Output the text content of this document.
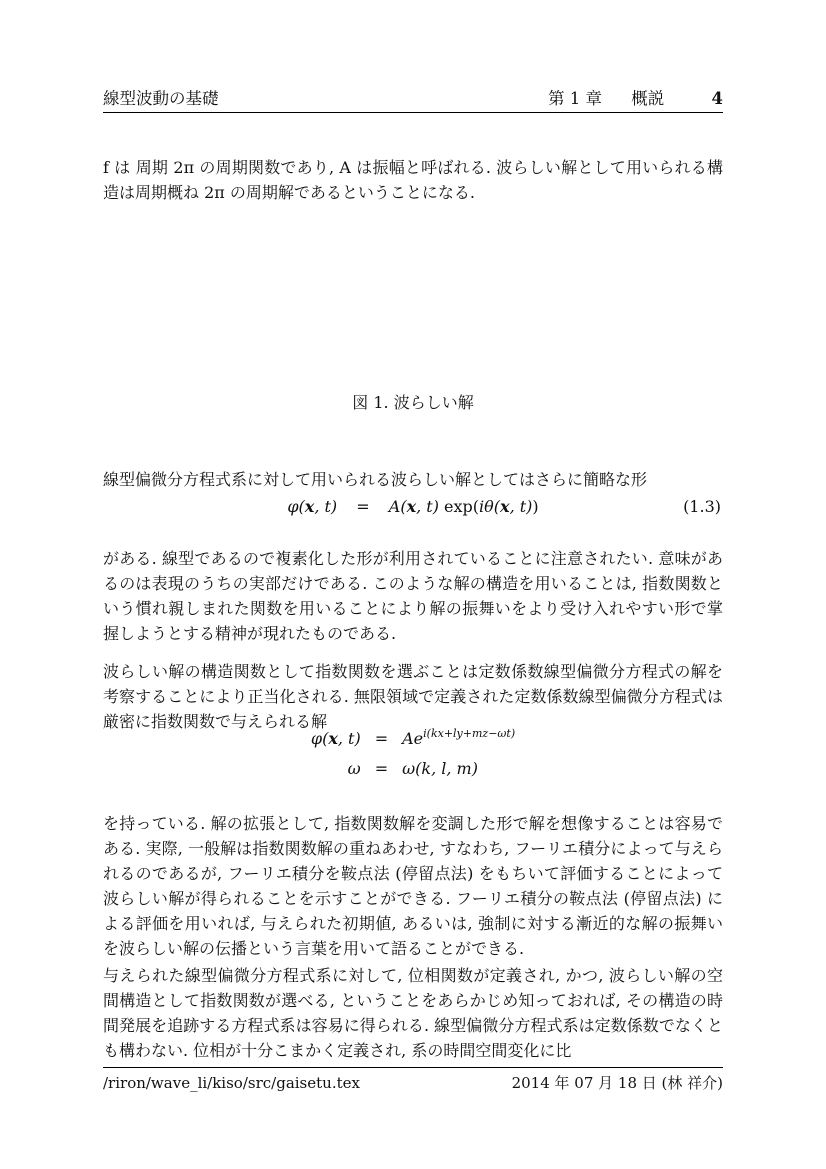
線型波動の基礎	第 1 章 概説	4

f は 周期 2π の周期関数であり, A は振幅と呼ばれる. 波らしい解として用いられる構造は周期概ね 2π の周期解であるということになる.

図 1. 波らしい解

線型偏微分方程式系に対して用いられる波らしい解としてはさらに簡略な形

φ(x, t) = A(x, t) exp(iθ(x, t))	(1.3)

がある. 線型であるので複素化した形が利用されていることに注意されたい. 意味があるのは表現のうちの実部だけである. このような解の構造を用いることは, 指数関数という慣れ親しまれた関数を用いることにより解の振舞いをより受け入れやすい形で掌握しようとする精神が現れたものである.

波らしい解の構造関数として指数関数を選ぶことは定数係数線型偏微分方程式の解を考察することにより正当化される. 無限領域で定義された定数係数線型偏微分方程式は厳密に指数関数で与えられる解

φ(x, $t) = Ae^{i(kx+ly+mz-\omega t)}$
ω = ω(k, l, m)

を持っている. 解の拡張として, 指数関数解を変調した形で解を想像することは容易である. 実際, 一般解は指数関数解の重ねあわせ, すなわち, フーリエ積分によって与えられるのであるが, フーリエ積分を鞍点法 (停留点法) をもちいて評価することによって波らしい解が得られることを示すことができる. フーリエ積分の鞍点法 (停留点法) による評価を用いれば, 与えられた初期値, あるいは, 強制に対する漸近的な解の振舞いを波らしい解の伝播という言葉を用いて語ることができる.

与えられた線型偏微分方程式系に対して, 位相関数が定義され, かつ, 波らしい解の空間構造として指数関数が選べる, ということをあらかじめ知っておれば, その構造の時間発展を追跡する方程式系は容易に得られる. 線型偏微分方程式系は定数係数でなくとも構わない. 位相が十分こまかく定義され, 系の時間空間変化に比

/riron/wave_li/kiso/src/gaisetu.tex	2014 年 07 月 18 日 (林 祥介)
